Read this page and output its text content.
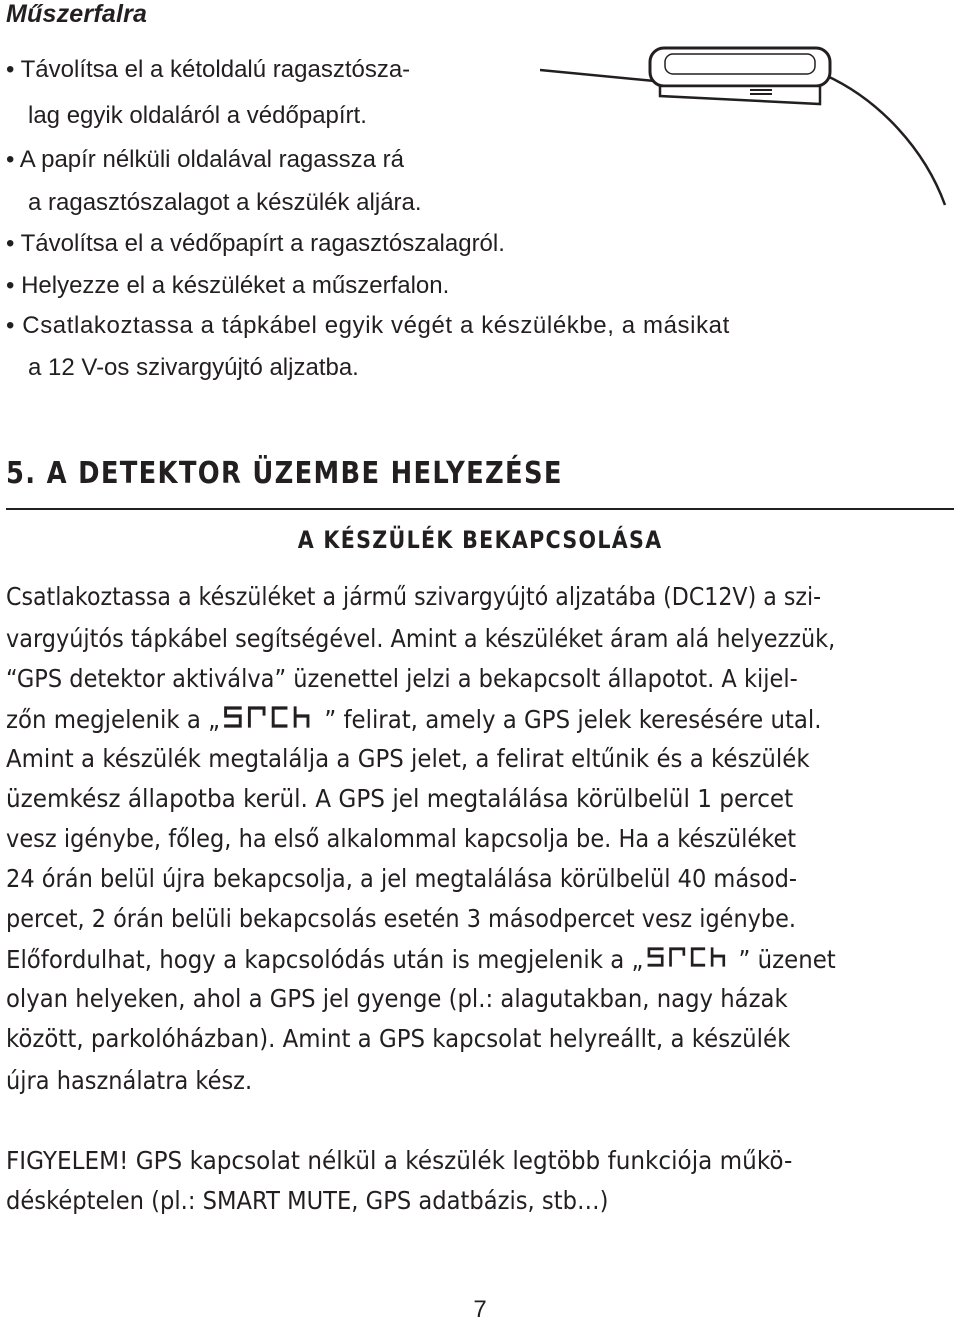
Műszerfalra
• Távolítsa el a kétoldalú ragasztósza-
lag egyik oldaláról a védőpapírt.
• A papír nélküli oldalával ragassza rá
a ragasztószalagot a készülék aljára.
• Távolítsa el a védőpapírt a ragasztószalagról.
• Helyezze el a készüléket a műszerfalon.
• Csatlakoztassa a tápkábel egyik végét a készülékbe, a másikat
a 12 V-os szivargyújtó aljzatba.
5. A DETEKTOR ÜZEMBE HELYEZÉSE
A KÉSZÜLÉK BEKAPCSOLÁSA
Csatlakoztassa a készüléket a jármű szivargyújtó aljzatába (DC12V) a szi-
vargyújtós tápkábel segítségével. Amint a készüléket áram alá helyezzük,
“GPS detektor aktiválva” üzenettel jelzi a bekapcsolt állapotot. A kijel-
zőn megjelenik a „	” felirat, amely a GPS jelek keresésére utal.
Amint a készülék megtalálja a GPS jelet, a felirat eltűnik és a készülék
üzemkész állapotba kerül. A GPS jel megtalálása körülbelül 1 percet
vesz igénybe, főleg, ha első alkalommal kapcsolja be. Ha a készüléket
24 órán belül újra bekapcsolja, a jel megtalálása körülbelül 40 másod-
percet, 2 órán belüli bekapcsolás esetén 3 másodpercet vesz igénybe.
Előfordulhat, hogy a kapcsolódás után is megjelenik a „	” üzenet
olyan helyeken, ahol a GPS jel gyenge (pl.: alagutakban, nagy házak
között, parkolóházban). Amint a GPS kapcsolat helyreállt, a készülék
újra használatra kész.
FIGYELEM! GPS kapcsolat nélkül a készülék legtöbb funkciója műkö-
désképtelen (pl.: SMART MUTE, GPS adatbázis, stb…)
7
